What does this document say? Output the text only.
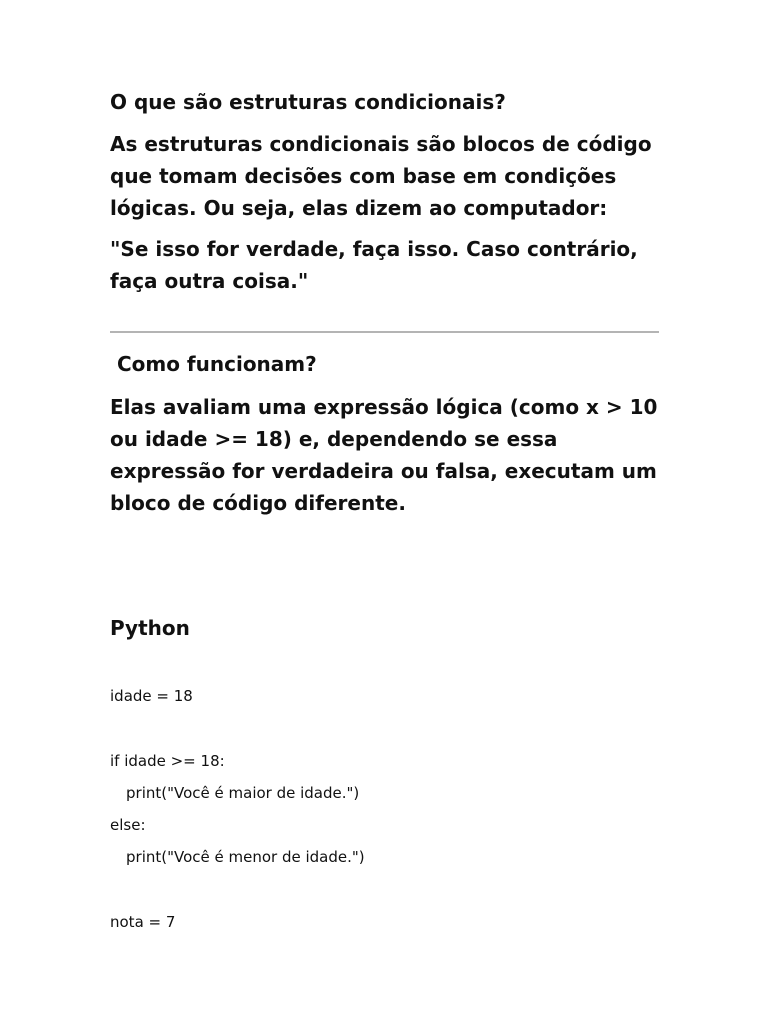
O que são estruturas condicionais?

As estruturas condicionais são blocos de código que tomam decisões com base em condições lógicas. Ou seja, elas dizem ao computador:

"Se isso for verdade, faça isso. Caso contrário, faça outra coisa."

Como funcionam?

Elas avaliam uma expressão lógica (como x > 10 ou idade >= 18) e, dependendo se essa expressão for verdadeira ou falsa, executam um bloco de código diferente.

Python
idade = 18
if idade >= 18:
print("Você é maior de idade.")
else:
print("Você é menor de idade.")
nota = 7
